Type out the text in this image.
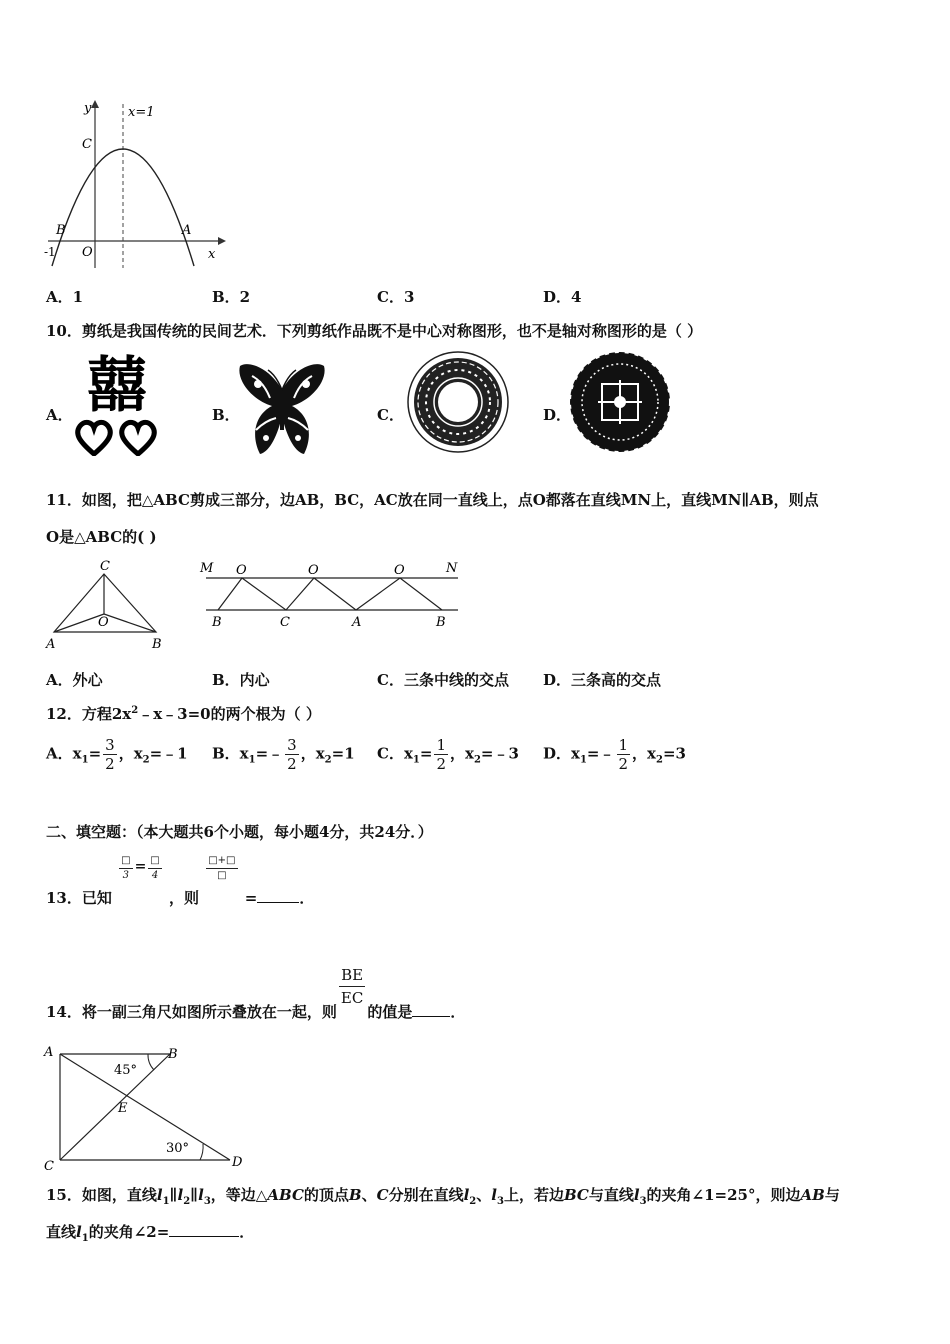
y
x
x=1
C
B	A
O
-1
A．1	B．2	C．3	D．4
10．剪纸是我国传统的民间艺术．下列剪纸作品既不是中心对称图形，也不是轴对称图形的是（ ）
A． 囍	B．	C．	D．
11．如图，把△ABC剪成三部分，边AB，BC，AC放在同一直线上，点O都落在直线MN上，直线MN∥AB，则点
O是△ABC的( )
C
O
A	B
M	N
O	O	O
B	C	A	B
A．外心	B．内心	C．三条中线的交点 D．三条高的交点
12．方程$2x^2﹣x﹣3=0$的两个根为（ ）
A．$x_1= \frac{3}{2}$ ，$x_2=﹣1$ B．$x_1=﹣ \frac{3}{2}$ ，$x_2=1$ C．$x_1= \frac{1}{2}$ ，$x_2=﹣3$ D．$x_1=﹣ \frac{1}{2}$ ，$x_2=3$
二、填空题：（本大题共6个小题，每小题4分，共24分．）
13．已知
$\frac{□}{3} = \frac{□}{4}$
，则
$\frac{□+□}{□}$
=	．
14．将一副三角尺如图所示叠放在一起，则
$\frac{BE}{EC}$
的值是	．
A	B
C	D
E
45°
30°
15．如图，直线$l_1\parallel l_2\parallel l_3$，等边△ABC的顶点B、C分别在直线$l_2$、$l_3$上，若边BC与直线$l_3$的夹角∠1=25°，则边AB与
直线$l_1$的夹角∠2=	．
